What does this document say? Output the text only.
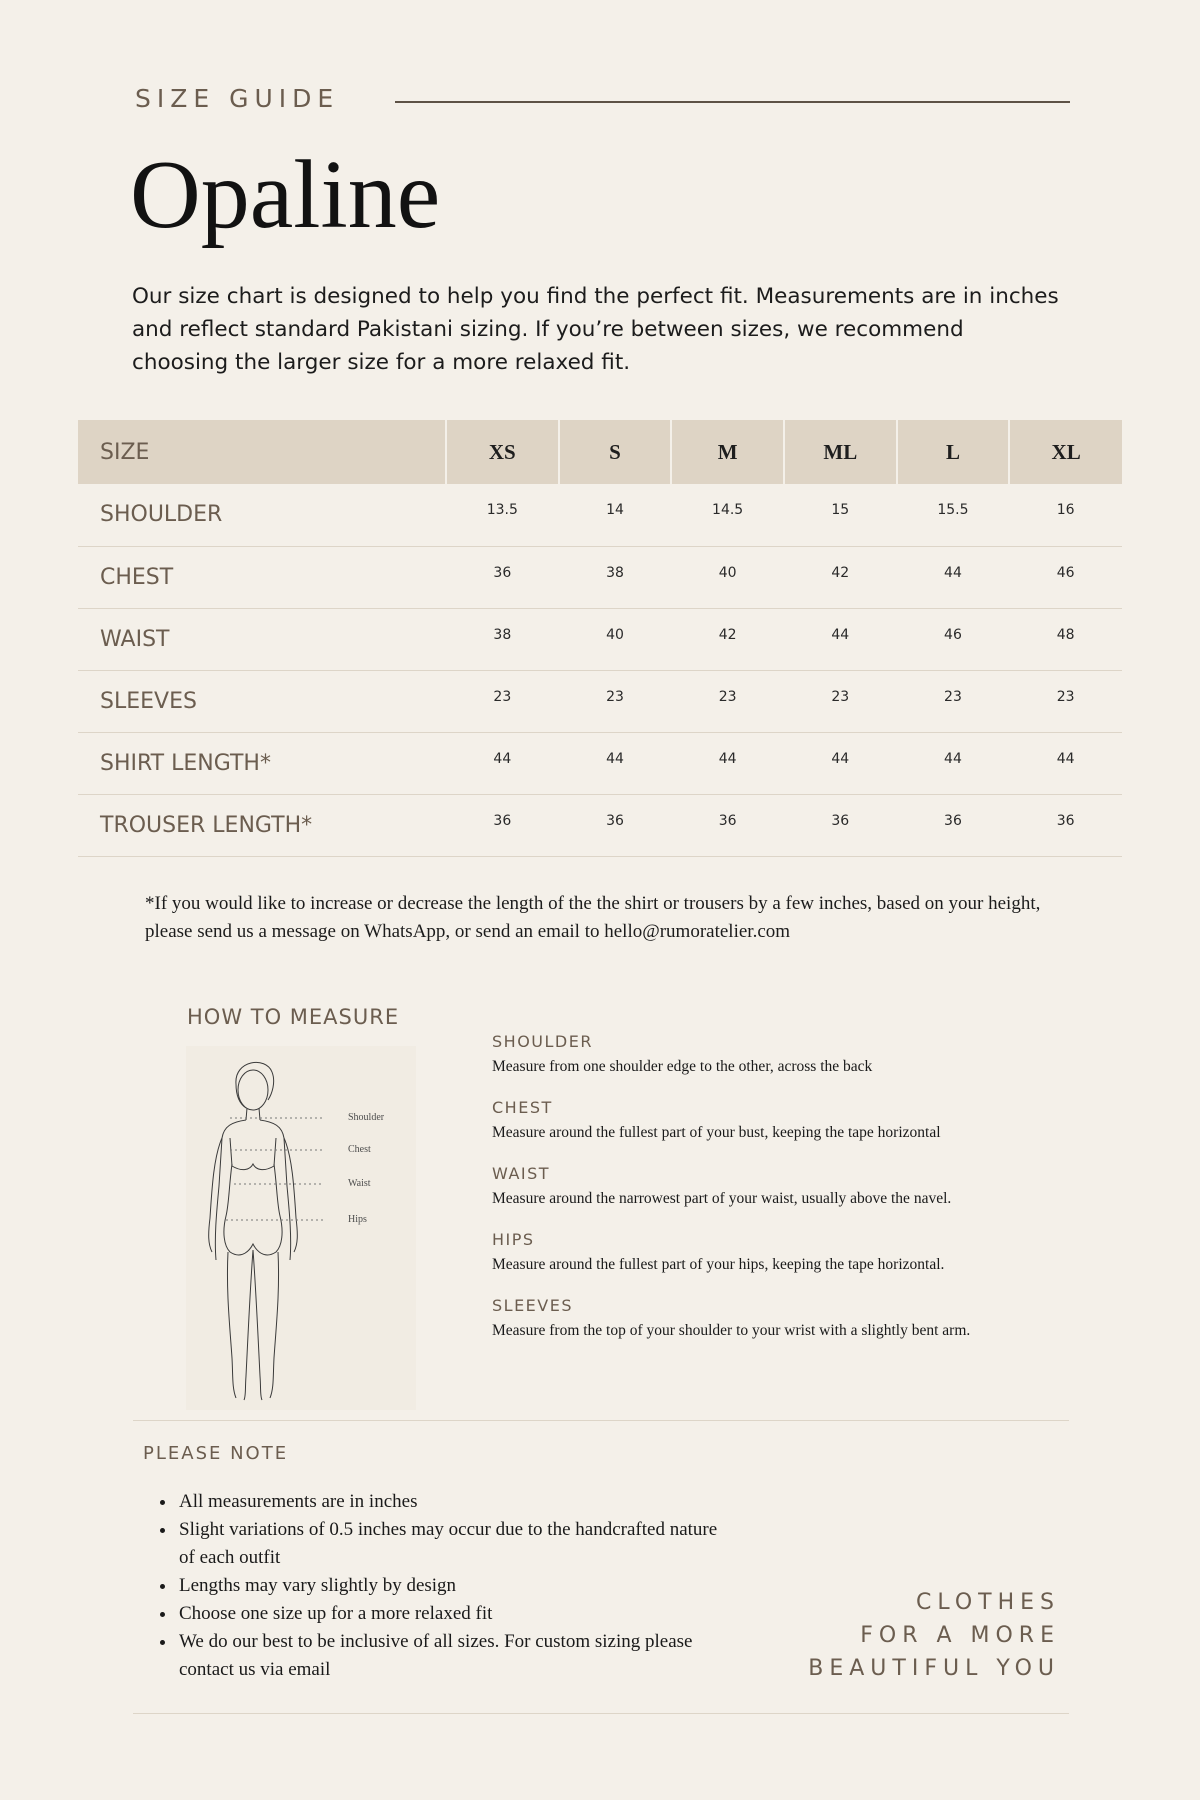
SIZE GUIDE
Opaline
Our size chart is designed to help you find the perfect fit. Measurements are in inches and reflect standard Pakistani sizing. If you’re between sizes, we recommend choosing the larger size for a more relaxed fit.
SIZE	XS	S	M	ML	L	XL
SHOULDER	13.5	14	14.5	15	15.5	16
CHEST	36	38	40	42	44	46
WAIST	38	40	42	44	46	48
SLEEVES	23	23	23	23	23	23
SHIRT LENGTH*	44	44	44	44	44	44
TROUSER LENGTH*	36	36	36	36	36	36
*If you would like to increase or decrease the length of the the shirt or trousers by a few inches, based on your height, please send us a message on WhatsApp, or send an email to hello@rumoratelier.com
HOW TO MEASURE
Shoulder
Chest
Waist
Hips
SHOULDER
Measure from one shoulder edge to the other, across the back
CHEST
Measure around the fullest part of your bust, keeping the tape horizontal
WAIST
Measure around the narrowest part of your waist, usually above the navel.
HIPS
Measure around the fullest part of your hips, keeping the tape horizontal.
SLEEVES
Measure from the top of your shoulder to your wrist with a slightly bent arm.
PLEASE NOTE
• All measurements are in inches
• Slight variations of 0.5 inches may occur due to the handcrafted nature of each outfit
• Lengths may vary slightly by design
• Choose one size up for a more relaxed fit
• We do our best to be inclusive of all sizes. For custom sizing please contact us via email
CLOTHES
FOR A MORE
BEAUTIFUL YOU
